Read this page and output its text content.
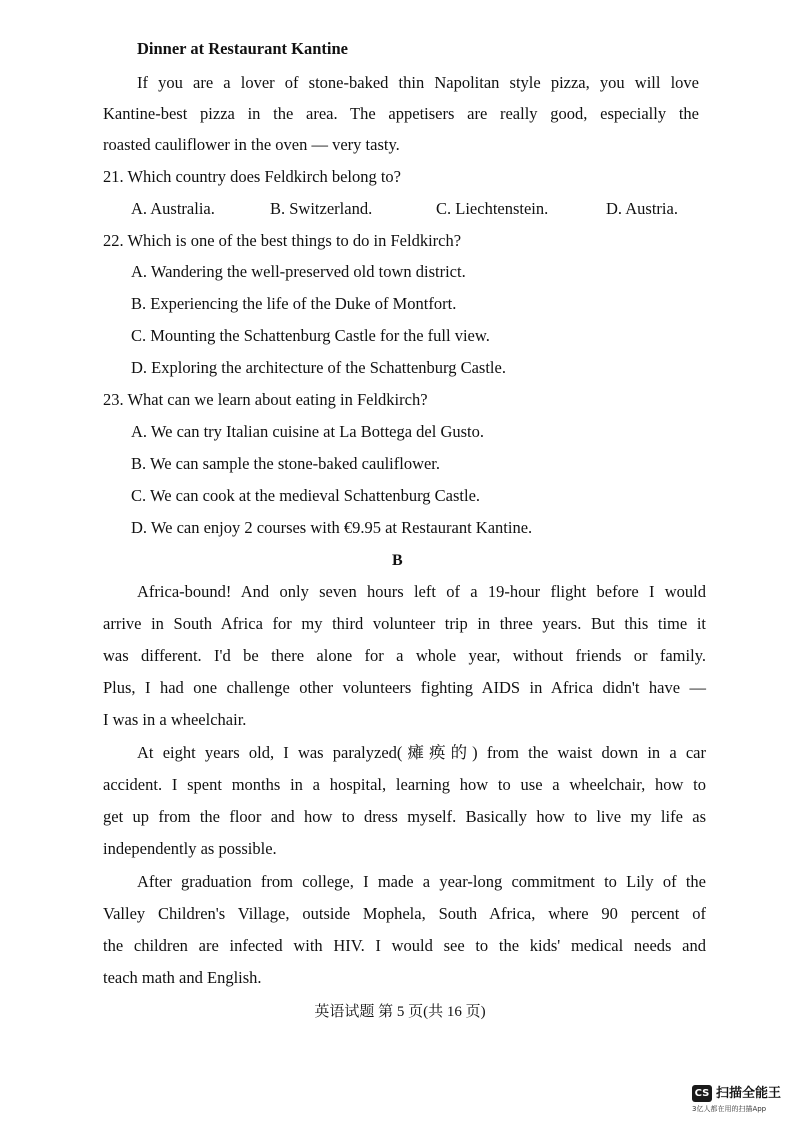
Dinner at Restaurant Kantine
If you are a lover of stone-baked thin Napolitan style pizza, you will love
Kantine-best pizza in the area. The appetisers are really good, especially the
roasted cauliflower in the oven — very tasty.
21. Which country does Feldkirch belong to?
A. Australia.	B. Switzerland.	C. Liechtenstein.	D. Austria.
22. Which is one of the best things to do in Feldkirch?
A. Wandering the well-preserved old town district.
B. Experiencing the life of the Duke of Montfort.
C. Mounting the Schattenburg Castle for the full view.
D. Exploring the architecture of the Schattenburg Castle.
23. What can we learn about eating in Feldkirch?
A. We can try Italian cuisine at La Bottega del Gusto.
B. We can sample the stone-baked cauliflower.
C. We can cook at the medieval Schattenburg Castle.
D. We can enjoy 2 courses with €9.95 at Restaurant Kantine.
B
Africa-bound! And only seven hours left of a 19-hour flight before I would
arrive in South Africa for my third volunteer trip in three years. But this time it
was different. I'd be there alone for a whole year, without friends or family.
Plus, I had one challenge other volunteers fighting AIDS in Africa didn't have —
I was in a wheelchair.
At eight years old, I was paralyzed(瘫痪的) from the waist down in a car
accident. I spent months in a hospital, learning how to use a wheelchair, how to
get up from the floor and how to dress myself. Basically how to live my life as
independently as possible.
After graduation from college, I made a year-long commitment to Lily of the
Valley Children's Village, outside Mophela, South Africa, where 90 percent of
the children are infected with HIV. I would see to the kids' medical needs and
teach math and English.
英语试题 第 5 页(共 16 页)
CS 扫描全能王
3亿人都在用的扫描App
